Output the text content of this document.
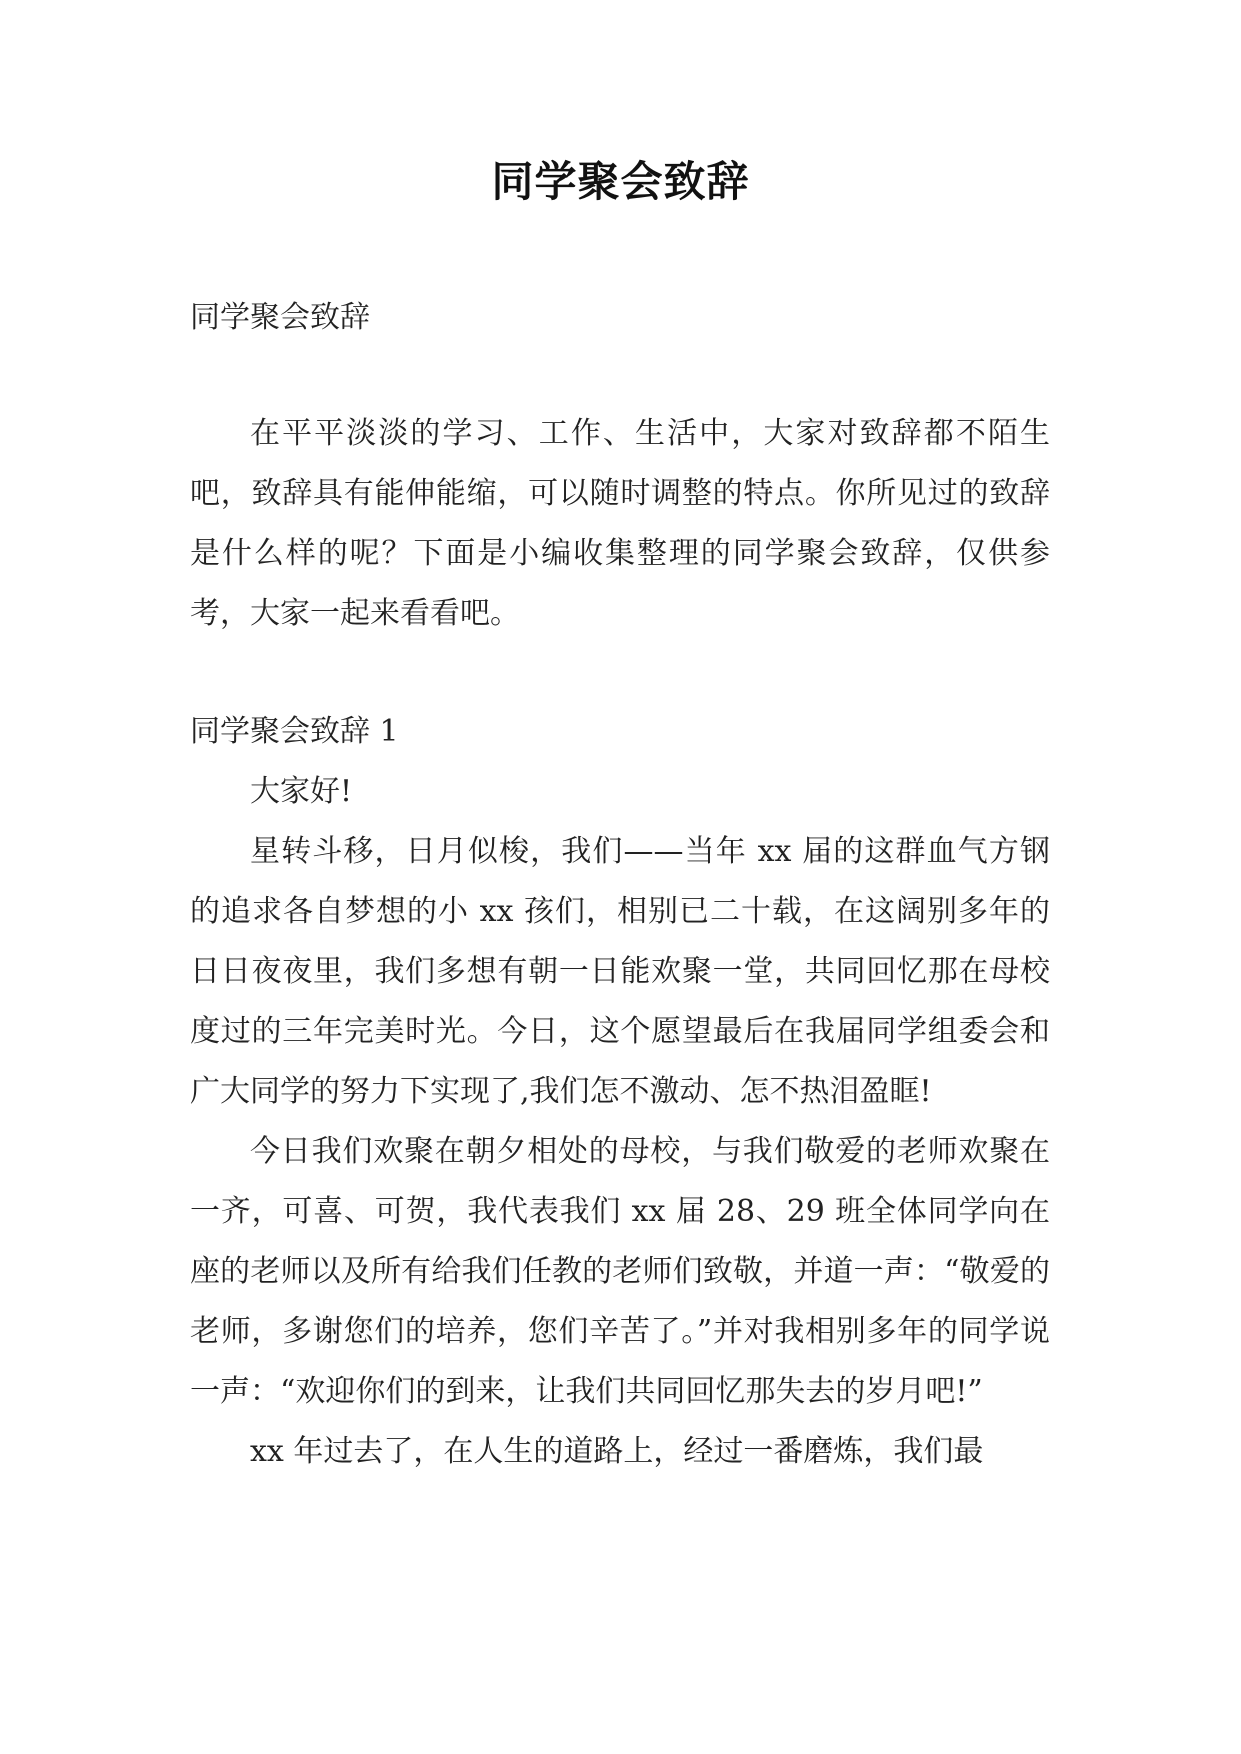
同学聚会致辞

同学聚会致辞

在平平淡淡的学习、工作、生活中，大家对致辞都不陌生吧，致辞具有能伸能缩，可以随时调整的特点。你所见过的致辞是什么样的呢？下面是小编收集整理的同学聚会致辞，仅供参考，大家一起来看看吧。

同学聚会致辞 1

大家好!

星转斗移，日月似梭，我们——当年 xx 届的这群血气方钢的追求各自梦想的小 xx 孩们，相别已二十载，在这阔别多年的日日夜夜里，我们多想有朝一日能欢聚一堂，共同回忆那在母校度过的三年完美时光。今日，这个愿望最后在我届同学组委会和广大同学的努力下实现了,我们怎不激动、怎不热泪盈眶!

今日我们欢聚在朝夕相处的母校，与我们敬爱的老师欢聚在一齐，可喜、可贺，我代表我们 xx 届 28、29 班全体同学向在座的老师以及所有给我们任教的老师们致敬，并道一声：“敬爱的老师，多谢您们的培养，您们辛苦了。”并对我相别多年的同学说一声：“欢迎你们的到来，让我们共同回忆那失去的岁月吧!”

xx 年过去了，在人生的道路上，经过一番磨炼，我们最
